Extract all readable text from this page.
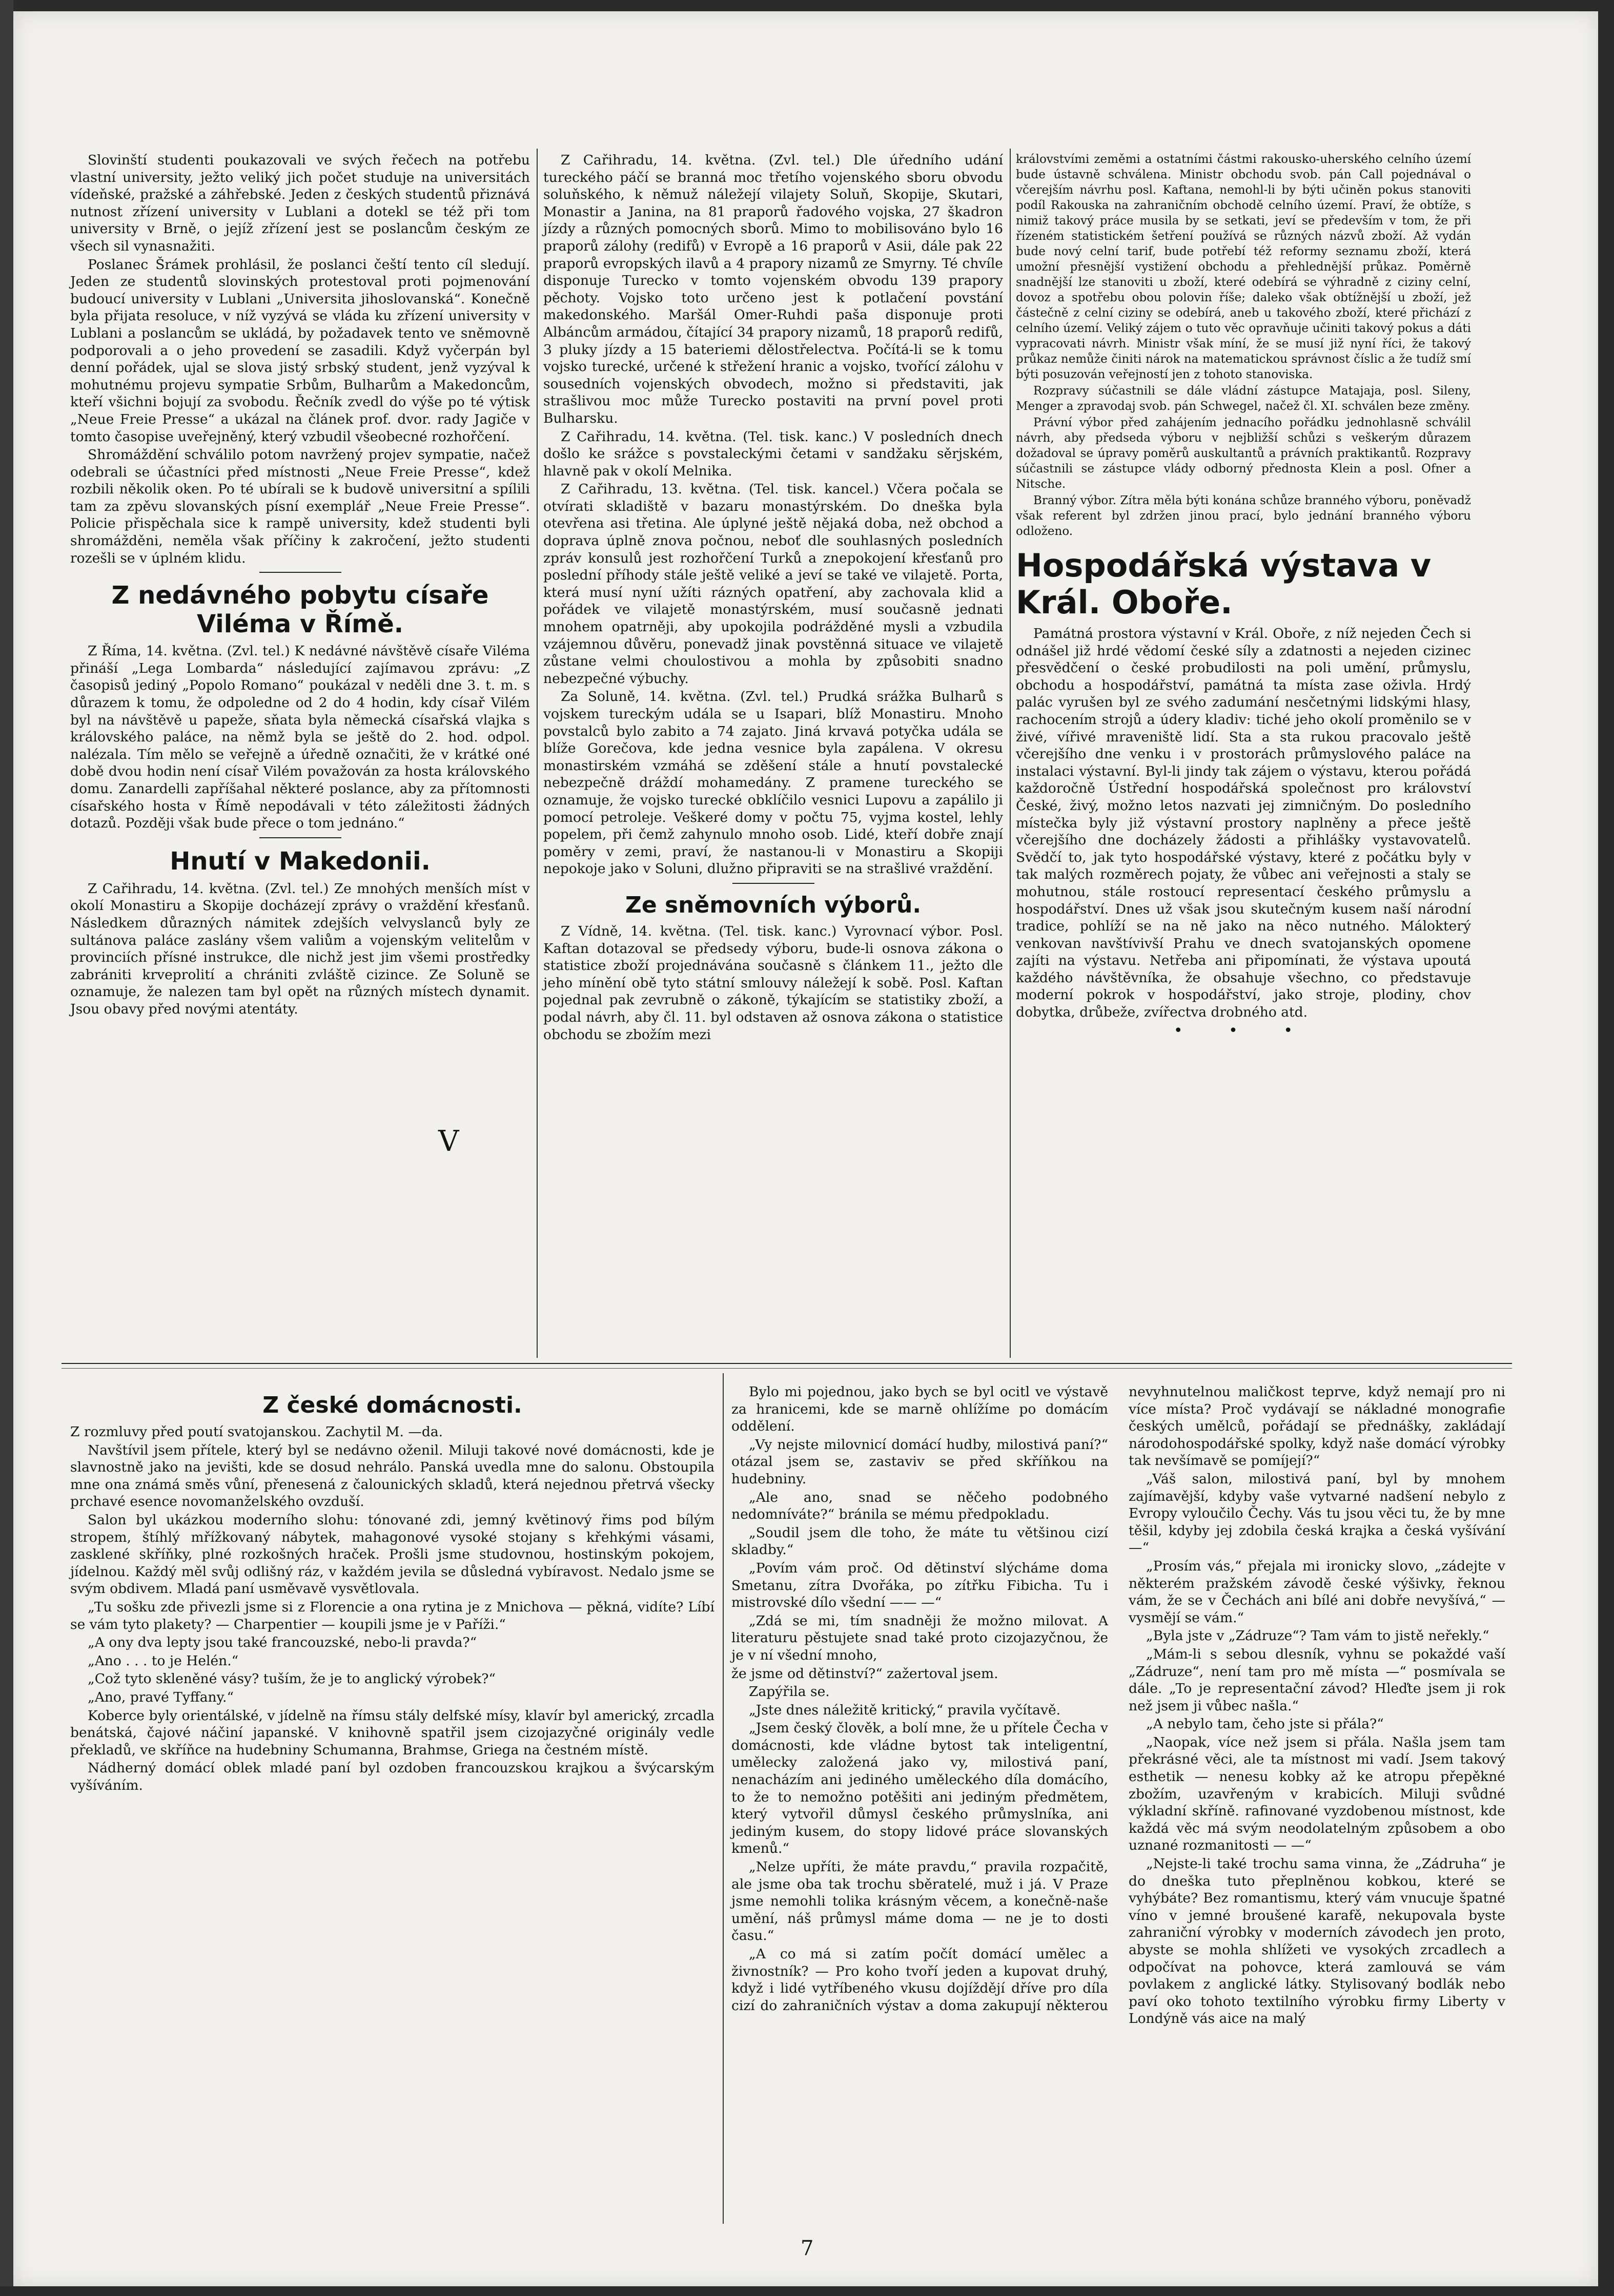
Slovinští studenti poukazovali ve svých řečech na potřebu vlastní university, ježto veliký jich počet studuje na universitách vídeňské, pražské a záhřebské. Jeden z českých studentů přiznává nutnost zřízení university v Lublani a dotekl se též při tom university v Brně, o jejíž zřízení jest se poslancům českým ze všech sil vynasnažiti.

Poslanec Šrámek prohlásil, že poslanci čeští tento cíl sledují. Jeden ze studentů slovinských protestoval proti pojmenování budoucí university v Lublani „Universita jihoslovanská“. Konečně byla přijata resoluce, v níž vyzývá se vláda ku zřízení university v Lublani a poslancům se ukládá, by požadavek tento ve sněmovně podporovali a o jeho provedení se zasadili. Když vyčerpán byl denní pořádek, ujal se slova jistý srbský student, jenž vyzýval k mohutnému projevu sympatie Srbům, Bulharům a Makedoncům, kteří všichni bojují za svobodu. Řečník zvedl do výše po té výtisk „Neue Freie Presse“ a ukázal na článek prof. dvor. rady Jagiče v tomto časopise uveřejněný, který vzbudil všeobecné rozhořčení.

Shromáždění schválilo potom navržený projev sympatie, načež odebrali se účastníci před místnosti „Neue Freie Presse“, kdež rozbili několik oken. Po té ubírali se k budově universitní a spílili tam za zpěvu slovanských písní exemplář „Neue Freie Presse“. Policie přispěchala sice k rampě university, kdež studenti byli shromážděni, neměla však příčiny k zakročení, ježto studenti rozešli se v úplném klidu.

Z nedávného pobytu císaře Viléma v Římě.

Z Říma, 14. května. (Zvl. tel.) K nedávné návštěvě císaře Viléma přináší „Lega Lombarda“ následující zajímavou zprávu: „Z časopisů jediný „Popolo Romano“ poukázal v neděli dne 3. t. m. s důrazem k tomu, že odpoledne od 2 do 4 hodin, kdy císař Vilém byl na návštěvě u papeže, sňata byla německá císařská vlajka s královského paláce, na němž byla se ještě do 2. hod. odpol. nalézala. Tím mělo se veřejně a úředně označiti, že v krátké oné době dvou hodin není císař Vilém považován za hosta královského domu. Zanardelli zapříšahal některé poslance, aby za přítomnosti císařského hosta v Římě nepodávali v této záležitosti žádných dotazů. Později však bude přece o tom jednáno.“

Hnutí v Makedonii.

Z Cařihradu, 14. května. (Zvl. tel.) Ze mnohých menších míst v okolí Monastiru a Skopije docházejí zprávy o vraždění křesťanů. Následkem důrazných námitek zdejších velvyslanců byly ze sultánova paláce zaslány všem valiům a vojenským velitelům v provinciích přísné instrukce, dle nichž jest jim všemi prostředky zabrániti krveprolití a chrániti zvláště cizince. Ze Soluně se oznamuje, že nalezen tam byl opět na různých místech dynamit. Jsou obavy před novými atentáty.

V

Z Cařihradu, 14. května. (Zvl. tel.) Dle úředního udání tureckého páčí se branná moc třetího vojenského sboru obvodu soluňského, k němuž náležejí vilajety Soluň, Skopije, Skutari, Monastir a Janina, na 81 praporů řadového vojska, 27 škadron jízdy a různých pomocných sborů. Mimo to mobilisováno bylo 16 praporů zálohy (redifů) v Evropě a 16 praporů v Asii, dále pak 22 praporů evropských ilavů a 4 prapory nizamů ze Smyrny. Té chvíle disponuje Turecko v tomto vojenském obvodu 139 prapory pěchoty. Vojsko toto určeno jest k potlačení povstání makedonského. Maršál Omer-Ruhdi paša disponuje proti Albáncům armádou, čítající 34 prapory nizamů, 18 praporů redifů, 3 pluky jízdy a 15 bateriemi dělostřelectva. Počítá-li se k tomu vojsko turecké, určené k střežení hranic a vojsko, tvořící zálohu v sousedních vojenských obvodech, možno si představiti, jak strašlivou moc může Turecko postaviti na první povel proti Bulharsku.

Z Cařihradu, 14. května. (Tel. tisk. kanc.) V posledních dnech došlo ke srážce s povstaleckými četami v sandžaku sěrjském, hlavně pak v okolí Melnika.

Z Cařihradu, 13. května. (Tel. tisk. kancel.) Včera počala se otvírati skladiště v bazaru monastýrském. Do dneška byla otevřena asi třetina. Ale úplyné ještě nějaká doba, než obchod a doprava úplně znova počnou, neboť dle souhlasných posledních zpráv konsulů jest rozhořčení Turků a znepokojení křesťanů pro poslední příhody stále ještě veliké a jeví se také ve vilajetě. Porta, která musí nyní užíti rázných opatření, aby zachovala klid a pořádek ve vilajetě monastýrském, musí současně jednati mnohem opatrněji, aby upokojila podrážděné mysli a vzbudila vzájemnou důvěru, ponevadž jinak povstěnná situace ve vilajetě zůstane velmi choulostivou a mohla by způsobiti snadno nebezpečné výbuchy.

Za Soluně, 14. května. (Zvl. tel.) Prudká srážka Bulharů s vojskem tureckým udála se u Isapari, blíž Monastiru. Mnoho povstalců bylo zabito a 74 zajato. Jiná krvavá potyčka udála se blíže Gorečova, kde jedna vesnice byla zapálena. V okresu monastirském vzmáhá se zděšení stále a hnutí povstalecké nebezpečně dráždí mohamedány. Z pramene tureckého se oznamuje, že vojsko turecké obklíčilo vesnici Lupovu a zapálilo ji pomocí petroleje. Veškeré domy v počtu 75, vyjma kostel, lehly popelem, při čemž zahynulo mnoho osob. Lidé, kteří dobře znají poměry v zemi, praví, že nastanou-li v Monastiru a Skopiji nepokoje jako v Soluni, dlužno připraviti se na strašlivé vraždění.

Ze sněmovních výborů.

Z Vídně, 14. května. (Tel. tisk. kanc.) Vyrovnací výbor. Posl. Kaftan dotazoval se předsedy výboru, bude-li osnova zákona o statistice zboží projednávána současně s článkem 11., ježto dle jeho mínění obě tyto státní smlouvy náležejí k sobě. Posl. Kaftan pojednal pak zevrubně o zákoně, týkajícím se statistiky zboží, a podal návrh, aby čl. 11. byl odstaven až osnova zákona o statistice obchodu se zbožím mezi

královstvími zeměmi a ostatními částmi rakousko-uherského celního území bude ústavně schválena. Ministr obchodu svob. pán Call pojednával o včerejším návrhu posl. Kaftana, nemohl-li by býti učiněn pokus stanoviti podíl Rakouska na zahraničním obchodě celního území. Praví, že obtíže, s nimiž takový práce musila by se setkati, jeví se především v tom, že při řízeném statistickém šetření používá se různých názvů zboží. Až vydán bude nový celní tarif, bude potřebí též reformy seznamu zboží, která umožní přesnější vystižení obchodu a přehlednější průkaz. Poměrně snadnější lze stanoviti u zboží, které odebírá se výhradně z ciziny celní, dovoz a spotřebu obou polovin říše; daleko však obtížnější u zboží, jež částečně z celní ciziny se odebírá, aneb u takového zboží, které přichází z celního území. Veliký zájem o tuto věc opravňuje učiniti takový pokus a dáti vypracovati návrh. Ministr však míní, že se musí již nyní říci, že takový průkaz nemůže činiti nárok na matematickou správnost číslic a že tudíž smí býti posuzován veřejností jen z tohoto stanoviska.

Rozpravy súčastnili se dále vládní zástupce Matajaja, posl. Sileny, Menger a zpravodaj svob. pán Schwegel, načež čl. XI. schválen beze změny.

Právní výbor před zahájením jednacího pořádku jednohlasně schválil návrh, aby předseda výboru v nejbližší schůzi s veškerým důrazem dožadoval se úpravy poměrů auskultantů a právních praktikantů. Rozpravy súčastnili se zástupce vlády odborný přednosta Klein a posl. Ofner a Nitsche.

Branný výbor. Zítra měla býti konána schůze branného výboru, poněvadž však referent byl zdržen jinou prací, bylo jednání branného výboru odloženo.

Hospodářská výstava v Král. Oboře.

Památná prostora výstavní v Král. Oboře, z níž nejeden Čech si odnášel již hrdé vědomí české síly a zdatnosti a nejeden cizinec přesvědčení o české probudilosti na poli umění, průmyslu, obchodu a hospodářství, památná ta místa zase oživla. Hrdý palác vyrušen byl ze svého zadumání nesčetnými lidskými hlasy, rachocením strojů a údery kladiv: tiché jeho okolí proměnilo se v živé, vířivé mraveniště lidí. Sta a sta rukou pracovalo ještě včerejšího dne venku i v prostorách průmyslového paláce na instalaci výstavní. Byl-li jindy tak zájem o výstavu, kterou pořádá každoročně Ústřední hospodářská společnost pro království České, živý, možno letos nazvati jej zimničným. Do posledního místečka byly již výstavní prostory naplněny a přece ještě včerejšího dne docházely žádosti a přihlášky vystavovatelů. Svědčí to, jak tyto hospodářské výstavy, které z počátku byly v tak malých rozměrech pojaty, že vůbec ani veřejnosti a staly se mohutnou, stále rostoucí representací českého průmyslu a hospodářství. Dnes už však jsou skutečným kusem naší národní tradice, pohlíží se na ně jako na něco nutného. Málokterý venkovan navštívivší Prahu ve dnech svatojanských opomene zajíti na výstavu. Netřeba ani připomínati, že výstava upoutá každého návštěvníka, že obsahuje všechno, co představuje moderní pokrok v hospodářství, jako stroje, plodiny, chov dobytka, drůbeže, zvířectva drobného atd.

• • •
Z české domácnosti.

Z rozmluvy před poutí svatojanskou. Zachytil M. —da.

Navštívil jsem přítele, který byl se nedávno oženil. Miluji takové nové domácnosti, kde je slavnostně jako na jevišti, kde se dosud nehrálo. Panská uvedla mne do salonu. Obstoupila mne ona známá směs vůní, přenesená z čalounických skladů, která nejednou přetrvá všecky prchavé esence novomanželského ovzduší.

Salon byl ukázkou moderního slohu: tónované zdi, jemný květinový řims pod bílým stropem, štíhlý mřížkovaný nábytek, mahagonové vysoké stojany s křehkými vásami, zasklené skříňky, plné rozkošných hraček. Prošli jsme studovnou, hostinským pokojem, jídelnou. Každý měl svůj odlišný ráz, v každém jevila se důsledná vybíravost. Nedalo jsme se svým obdivem. Mladá paní usměvavě vysvětlovala.

„Tu sošku zde přivezli jsme si z Florencie a ona rytina je z Mnichova — pěkná, vidíte? Líbí se vám tyto plakety? — Charpentier — koupili jsme je v Paříži.“

„A ony dva lepty jsou také francouzské, nebo-li pravda?“

„Ano . . . to je Helén.“

„Což tyto skleněné vásy? tuším, že je to anglický výrobek?“

„Ano, pravé Tyffany.“

Koberce byly orientálské, v jídelně na římsu stály delfské mísy, klavír byl americký, zrcadla benátská, čajové náčiní japanské. V knihovně spatřil jsem cizojazyčné originály vedle překladů, ve skříňce na hudebniny Schumanna, Brahmse, Griega na čestném místě.

Nádherný domácí oblek mladé paní byl ozdoben francouzskou krajkou a švýcarským vyšíváním.

Bylo mi pojednou, jako bych se byl ocitl ve výstavě za hranicemi, kde se marně ohlížíme po domácím oddělení.

„Vy nejste milovnicí domácí hudby, milostivá paní?“ otázal jsem se, zastaviv se před skříňkou na hudebniny.

„Ale ano, snad se něčeho podobného nedomníváte?“ bránila se mému předpokladu.

„Soudil jsem dle toho, že máte tu většinou cizí skladby.“

„Povím vám proč. Od dětinství slýcháme doma Smetanu, zítra Dvořáka, po zítřku Fibicha. Tu i mistrovské dílo všední —— —“

„Zdá se mi, tím snadněji že možno milovat. A literaturu pěstujete snad také proto cizojazyčnou, že je v ní všední mnoho,

že jsme od dětinství?“ zažertoval jsem.

Zapýřila se.

„Jste dnes náležitě kritický,“ pravila vyčítavě.

„Jsem český člověk, a bolí mne, že u přítele Čecha v domácnosti, kde vládne bytost tak inteligentní, umělecky založená jako vy, milostivá paní, nenacházím ani jediného uměleckého díla domácího, to že to nemožno potěšiti ani jediným předmětem, který vytvořil důmysl českého průmyslníka, ani jediným kusem, do stopy lidové práce slovanských kmenů.“

„Nelze upříti, že máte pravdu,“ pravila rozpačitě, ale jsme oba tak trochu sběratelé, muž i já. V Praze jsme nemohli tolika krásným věcem, a konečně-naše umění, náš průmysl máme doma — ne je to dosti času.“

„A co má si zatím počít domácí umělec a živnostník? — Pro koho tvoří jeden a kupovat druhý, když i lidé vytříbeného vkusu dojíždějí dříve pro díla cizí do zahraničních výstav a doma zakupují některou nevyhnutelnou maličkost teprve, když nemají pro ni více místa? Proč vydávají se nákladné monografie českých umělců, pořádají se přednášky, zakládají národohospodářské spolky, když naše domácí výrobky tak nevšímavě se pomíjejí?“

„Váš salon, milostivá paní, byl by mnohem zajímavější, kdyby vaše vytvarné nadšení nebylo z Evropy vyloučilo Čechy. Vás tu jsou věci tu, že by mne těšil, kdyby jej zdobila česká krajka a česká vyšívání —“

„Prosím vás,“ přejala mi ironicky slovo, „zádejte v některém pražském závodě české výšivky, řeknou vám, že se v Čechách ani bílé ani dobře nevyšívá,“ — vysmějí se vám.“

„Byla jste v „Zádruze“? Tam vám to jistě neřekly.“

„Mám-li s sebou dlesník, vyhnu se pokaždé vaší „Zádruze“, není tam pro mě místa —“ posmívala se dále. „To je representační závod? Hleďte jsem ji rok než jsem ji vůbec našla.“

„A nebylo tam, čeho jste si přála?“

„Naopak, více než jsem si přála. Našla jsem tam překrásné věci, ale ta místnost mi vadí. Jsem takový esthetik — nenesu kobky až ke atropu přepěkné zbožím, uzavřeným v krabicích. Miluji svůdné výkladní skříně. rafinované vyzdobenou místnost, kde každá věc má svým neodolatelným způsobem a obo uznané rozmanitosti — —“

„Nejste-li také trochu sama vinna, že „Zádruha“ je do dneška tuto přeplněnou kobkou, které se vyhýbáte? Bez romantismu, který vám vnucuje špatné víno v jemné broušené karafě, nekupovala byste zahraniční výrobky v moderních závodech jen proto, abyste se mohla shlížeti ve vysokých zrcadlech a odpočívat na pohovce, která zamlouvá se vám povlakem z anglické látky. Stylisovaný bodlák nebo paví oko tohoto textilního výrobku firmy Liberty v Londýně vás aice na malý

7
